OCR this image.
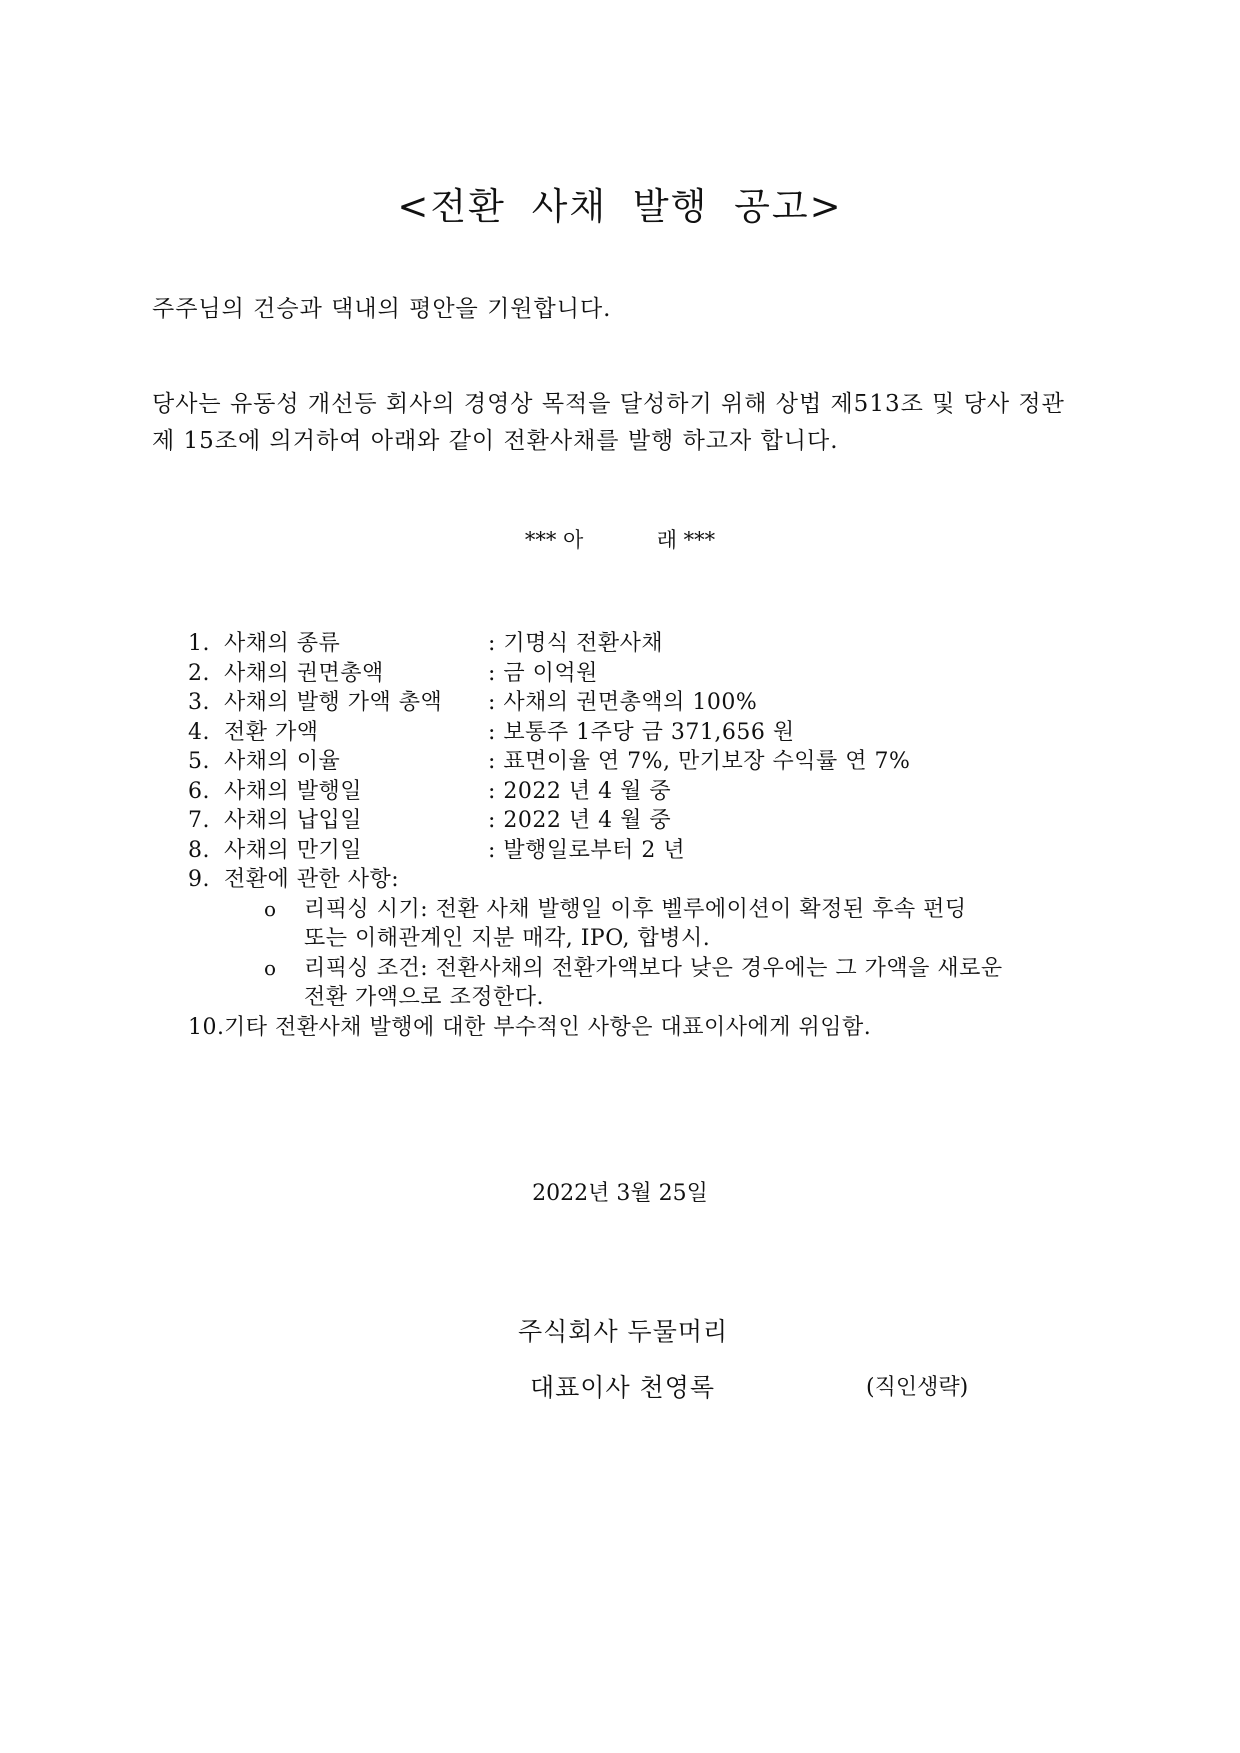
<전환 사채 발행 공고>
주주님의 건승과 댁내의 평안을 기원합니다.
당사는 유동성 개선등 회사의 경영상 목적을 달성하기 위해 상법 제513조 및 당사 정관
제 15조에 의거하여 아래와 같이 전환사채를 발행 하고자 합니다.
*** 아           래 ***
1. 사채의 종류	: 기명식 전환사채
2. 사채의 권면총액	: 금 이억원
3. 사채의 발행 가액 총액 : 사채의 권면총액의 100%
4. 전환 가액	: 보통주 1주당 금 371,656 원
5. 사채의 이율	: 표면이율 연 7%, 만기보장 수익률 연 7%
6. 사채의 발행일	: 2022 년 4 월 중
7. 사채의 납입일	: 2022 년 4 월 중
8. 사채의 만기일	: 발행일로부터 2 년
9. 전환에 관한 사항:
o 리픽싱 시기: 전환 사채 발행일 이후 벨루에이션이 확정된 후속 펀딩
또는 이해관계인 지분 매각, IPO, 합병시.
o 리픽싱 조건: 전환사채의 전환가액보다 낮은 경우에는 그 가액을 새로운
전환 가액으로 조정한다.
10.기타 전환사채 발행에 대한 부수적인 사항은 대표이사에게 위임함.
2022년 3월 25일
주식회사 두물머리
대표이사 천영록	(직인생략)
